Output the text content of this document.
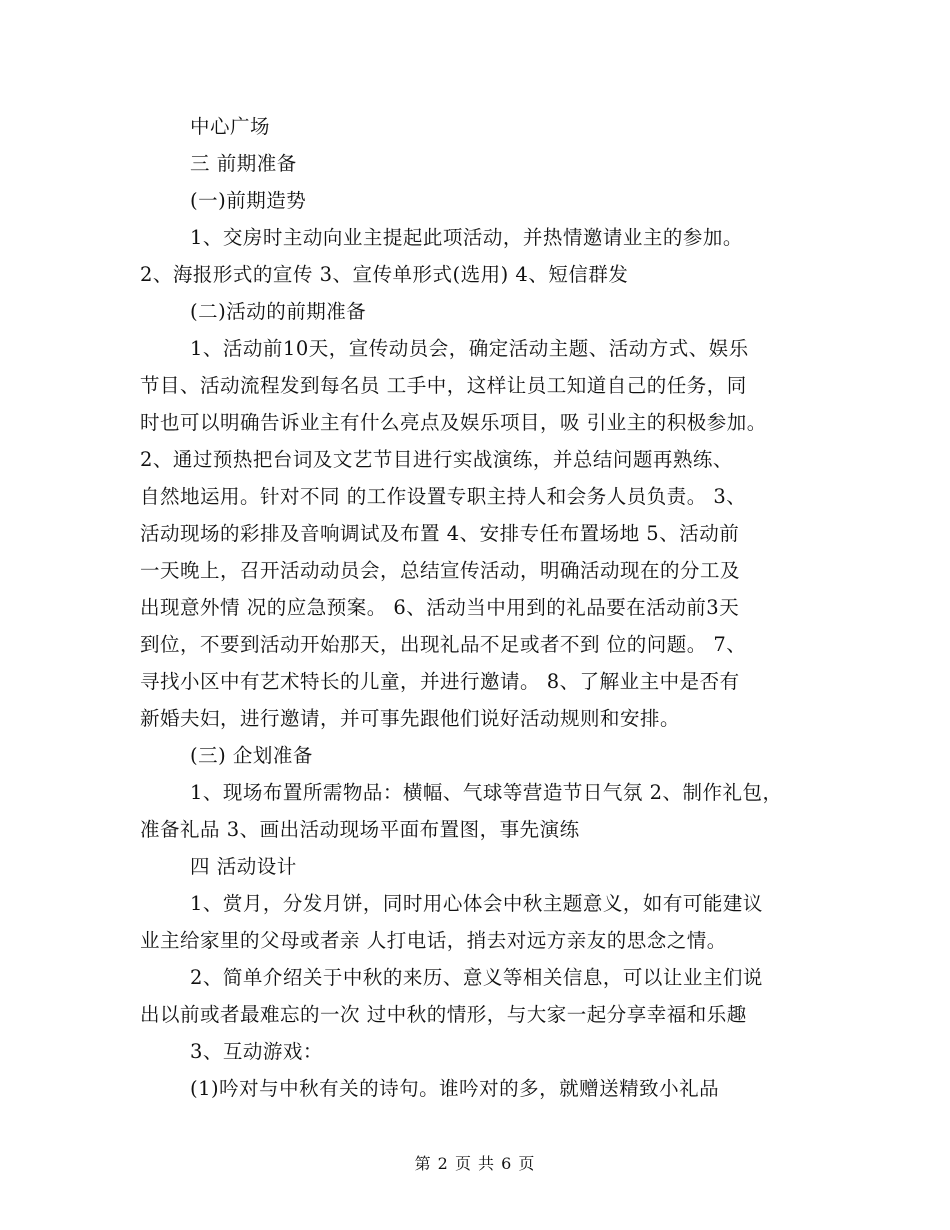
中心广场
三 前期准备
(一)前期造势
1、交房时主动向业主提起此项活动，并热情邀请业主的参加。
2、海报形式的宣传 3、宣传单形式(选用) 4、短信群发
(二)活动的前期准备
1、活动前10天，宣传动员会，确定活动主题、活动方式、娱乐
节目、活动流程发到每名员 工手中，这样让员工知道自己的任务，同
时也可以明确告诉业主有什么亮点及娱乐项目，吸 引业主的积极参加。
2、通过预热把台词及文艺节目进行实战演练，并总结问题再熟练、
自然地运用。针对不同 的工作设置专职主持人和会务人员负责。 3、
活动现场的彩排及音响调试及布置 4、安排专任布置场地 5、活动前
一天晚上，召开活动动员会，总结宣传活动，明确活动现在的分工及
出现意外情 况的应急预案。 6、活动当中用到的礼品要在活动前3天
到位，不要到活动开始那天，出现礼品不足或者不到 位的问题。 7、
寻找小区中有艺术特长的儿童，并进行邀请。 8、了解业主中是否有
新婚夫妇，进行邀请，并可事先跟他们说好活动规则和安排。
(三) 企划准备
1、现场布置所需物品：横幅、气球等营造节日气氛 2、制作礼包，
准备礼品 3、画出活动现场平面布置图，事先演练
四 活动设计
1、赏月，分发月饼，同时用心体会中秋主题意义，如有可能建议
业主给家里的父母或者亲 人打电话，捎去对远方亲友的思念之情。
2、简单介绍关于中秋的来历、意义等相关信息，可以让业主们说
出以前或者最难忘的一次 过中秋的情形，与大家一起分享幸福和乐趣
3、互动游戏：
(1)吟对与中秋有关的诗句。谁吟对的多，就赠送精致小礼品
第 2 页 共 6 页
